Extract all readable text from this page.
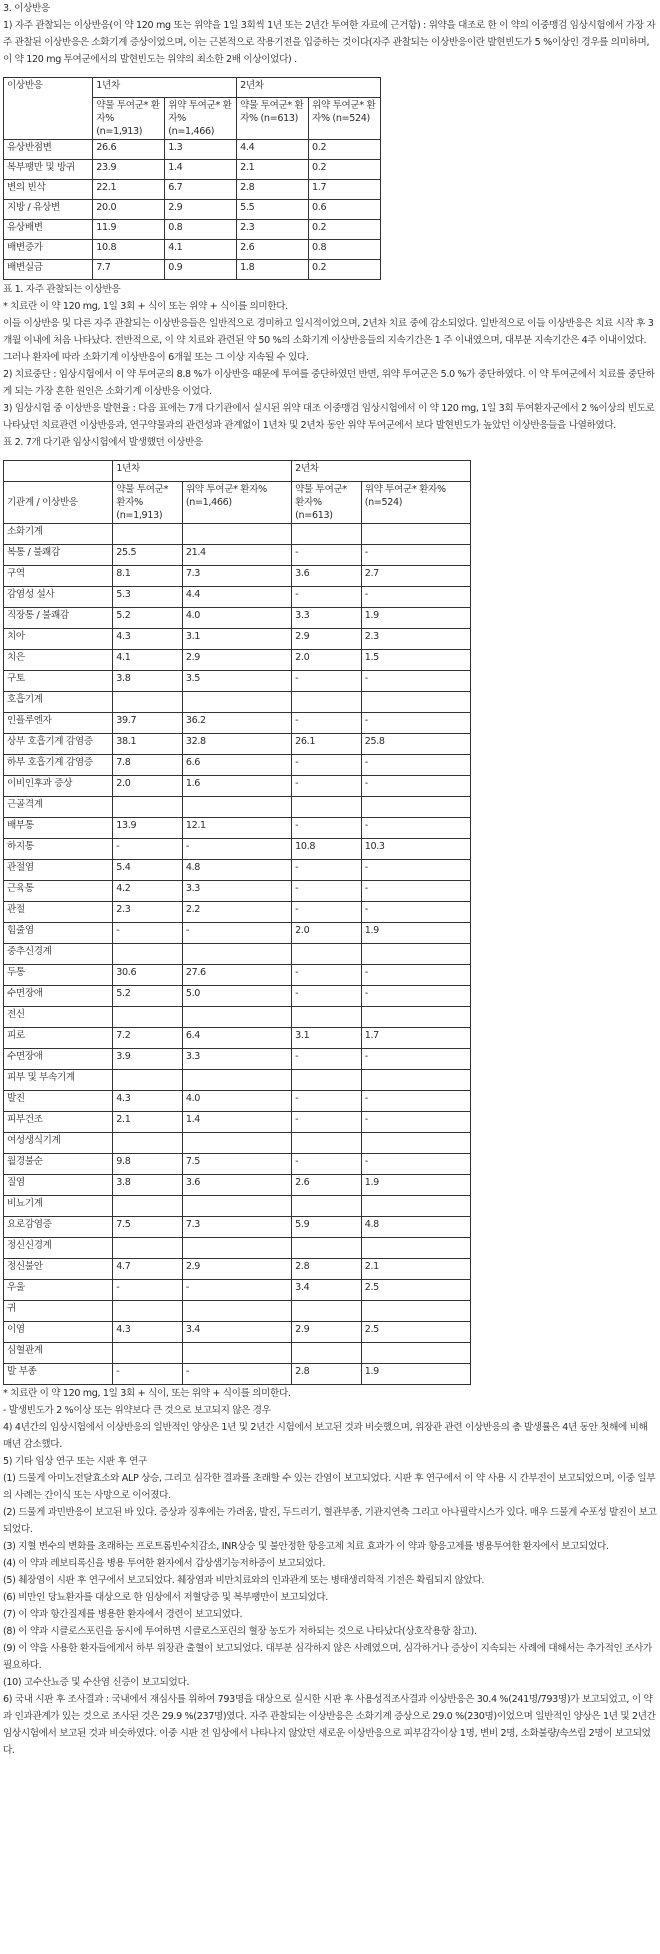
3. 이상반응

1) 자주 관찰되는 이상반응(이 약 120 mg 또는 위약을 1일 3회씩 1년 또는 2년간 투여한 자료에 근거함) : 위약을 대조로 한 이 약의 이중맹검 임상시험에서 가장 자주 관찰된 이상반응은 소화기계 증상이었으며, 이는 근본적으로 작용기전을 입증하는 것이다(자주 관찰되는 이상반응이란 발현빈도가 5 %이상인 경우를 의미하며, 이 약 120 mg 투여군에서의 발현빈도는 위약의 최소한 2배 이상이었다) .

이상반응	1년차		2년차	
	약물 투여군* 환자% (n=1,913)	위약 투여군* 환자% (n=1,466)	약물 투여군* 환자% (n=613)	위약 투여군* 환자% (n=524)
유상반점변	26.6	1.3	4.4	0.2
복부팽만 및 방귀	23.9	1.4	2.1	0.2
변의 빈삭	22.1	6.7	2.8	1.7
지방 / 유상변	20.0	2.9	5.5	0.6
유상배변	11.9	0.8	2.3	0.2
배변증가	10.8	4.1	2.6	0.8
배변실금	7.7	0.9	1.8	0.2

표 1. 자주 관찰되는 이상반응

* 치료란 이 약 120 mg, 1일 3회 + 식이 또는 위약 + 식이를 의미한다.

이들 이상반응 및 다른 자주 관찰되는 이상반응들은 일반적으로 경미하고 일시적이었으며, 2년차 치료 중에 감소되었다. 일반적으로 이들 이상반응은 치료 시작 후 3개월 이내에 처음 나타났다. 전반적으로, 이 약 치료와 관련된 약 50 %의 소화기계 이상반응들의 지속기간은 1 주 이내였으며, 대부분 지속기간은 4주 이내이었다. 그러나 환자에 따라 소화기계 이상반응이 6개월 또는 그 이상 지속될 수 있다.

2) 치료중단 : 임상시험에서 이 약 투여군의 8.8 %가 이상반응 때문에 투여를 중단하였던 반면, 위약 투여군은 5.0 %가 중단하였다. 이 약 투여군에서 치료를 중단하게 되는 가장 흔한 원인은 소화기계 이상반응 이었다.

3) 임상시험 중 이상반응 발현율 : 다음 표에는 7개 다기관에서 실시된 위약 대조 이중맹검 임상시험에서 이 약 120 mg, 1일 3회 투여환자군에서 2 %이상의 빈도로 나타났던 치료관련 이상반응과, 연구약물과의 관련성과 관계없이 1년차 및 2년차 동안 위약 투여군에서 보다 발현빈도가 높았던 이상반응들을 나열하였다.

표 2. 7개 다기관 임상시험에서 발생했던 이상반응

	1년차		2년차	
기관계 / 이상반응	약물 투여군* 환자% (n=1,913)	위약 투여군* 환자%(n=1,466)	약물 투여군* 환자% (n=613)	위약 투여군* 환자%(n=524)
소화기계				
복통 / 불쾌감	25.5	21.4	-	-
구역	8.1	7.3	3.6	2.7
감염성 설사	5.3	4.4	-	-
직장통 / 불쾌감	5.2	4.0	3.3	1.9
치아	4.3	3.1	2.9	2.3
치은	4.1	2.9	2.0	1.5
구토	3.8	3.5	-	-
호흡기계				
인플루엔자	39.7	36.2	-	-
상부 호흡기계 감염증	38.1	32.8	26.1	25.8
하부 호흡기계 감염증	7.8	6.6	-	-
이비인후과 증상	2.0	1.6	-	-
근골격계				
배부통	13.9	12.1	-	-
하지통	-	-	10.8	10.3
관절염	5.4	4.8	-	-
근육통	4.2	3.3	-	-
관절	2.3	2.2	-	-
힘줄염	-	-	2.0	1.9
중추신경계				
두통	30.6	27.6	-	-
수면장애	5.2	5.0	-	-
전신				
피로	7.2	6.4	3.1	1.7
수면장애	3.9	3.3	-	-
피부 및 부속기계				
발진	4.3	4.0	-	-
피부건조	2.1	1.4	-	-
여성생식기계				
월경불순	9.8	7.5	-	-
질염	3.8	3.6	2.6	1.9
비뇨기계				
요로감염증	7.5	7.3	5.9	4.8
정신신경계				
정신불안	4.7	2.9	2.8	2.1
우울	-	-	3.4	2.5
귀				
이염	4.3	3.4	2.9	2.5
심혈관계				
발 부종	-	-	2.8	1.9

* 치료란 이 약 120 mg, 1일 3회 + 식이, 또는 위약 + 식이를 의미한다.

- 발생빈도가 2 %이상 또는 위약보다 큰 것으로 보고되지 않은 경우

4) 4년간의 임상시험에서 이상반응의 일반적인 양상은 1년 및 2년간 시험에서 보고된 것과 비슷했으며, 위장관 관련 이상반응의 총 발생률은 4년 동안 첫해에 비해 매년 감소했다.

5) 기타 임상 연구 또는 시판 후 연구

(1) 드물게 아미노전달효소와 ALP 상승, 그리고 심각한 결과를 초래할 수 있는 간염이 보고되었다. 시판 후 연구에서 이 약 사용 시 간부전이 보고되었으며, 이중 일부의 사례는 간이식 또는 사망으로 이어졌다.

(2) 드물게 과민반응이 보고된 바 있다. 증상과 징후에는 가려움, 발진, 두드러기, 혈관부종, 기관지연축 그리고 아나필락시스가 있다. 매우 드물게 수포성 발진이 보고되었다.

(3) 지혈 변수의 변화를 초래하는 프로트롬빈수치감소, INR상승 및 불안정한 항응고제 치료 효과가 이 약과 항응고제를 병용투여한 환자에서 보고되었다.

(4) 이 약과 레보티록신을 병용 투여한 환자에서 갑상샘기능저하증이 보고되었다.

(5) 췌장염이 시판 후 연구에서 보고되었다. 췌장염과 비만치료와의 인과관계 또는 병태생리학적 기전은 확립되지 않았다.

(6) 비만인 당뇨환자를 대상으로 한 임상에서 저혈당증 및 복부팽만이 보고되었다.

(7) 이 약과 항간질제를 병용한 환자에서 경련이 보고되었다.

(8) 이 약과 시클로스포린을 동시에 투여하면 시클로스포린의 혈장 농도가 저하되는 것으로 나타났다(상호작용항 참고).

(9) 이 약을 사용한 환자들에게서 하부 위장관 출혈이 보고되었다. 대부분 심각하지 않은 사례였으며, 심각하거나 증상이 지속되는 사례에 대해서는 추가적인 조사가 필요하다.

(10) 고수산뇨증 및 수산염 신증이 보고되었다.

6) 국내 시판 후 조사결과 : 국내에서 재심사를 위하여 793명을 대상으로 실시한 시판 후 사용성적조사결과 이상반응은 30.4 %(241명/793명)가 보고되었고, 이 약과 인과관계가 있는 것으로 조사된 것은 29.9 %(237명)였다. 자주 관찰되는 이상반응은 소화기계 증상으로 29.0 %(230명)이었으며 일반적인 양상은 1년 및 2년간 임상시험에서 보고된 것과 비슷하였다. 이중 시판 전 임상에서 나타나지 않았던 새로운 이상반응으로 피부감각이상 1명, 변비 2명, 소화불량/속쓰림 2명이 보고되었다.
